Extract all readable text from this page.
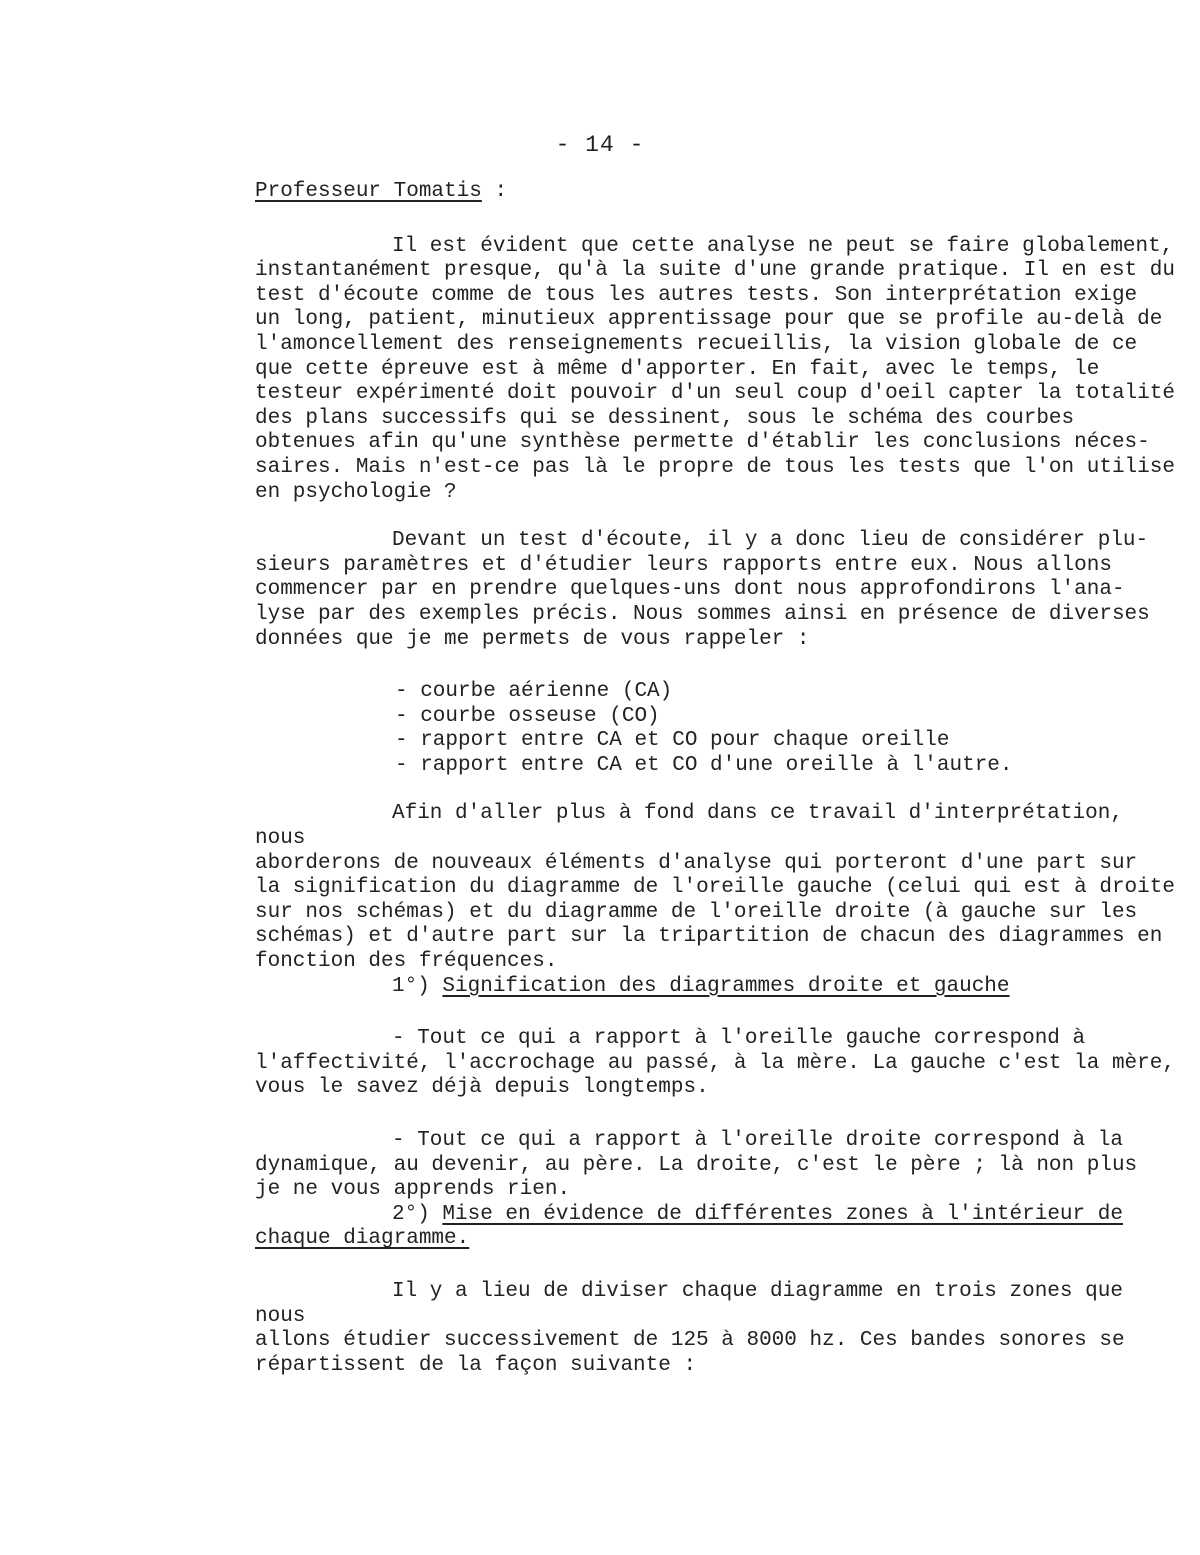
- 14 -

Professeur Tomatis :

Il est évident que cette analyse ne peut se faire globalement,
instantanément presque, qu'à la suite d'une grande pratique. Il en est du
test d'écoute comme de tous les autres tests. Son interprétation exige
un long, patient, minutieux apprentissage pour que se profile au-delà de
l'amoncellement des renseignements recueillis, la vision globale de ce
que cette épreuve est à même d'apporter. En fait, avec le temps, le
testeur expérimenté doit pouvoir d'un seul coup d'oeil capter la totalité
des plans successifs qui se dessinent, sous le schéma des courbes
obtenues afin qu'une synthèse permette d'établir les conclusions néces-
saires. Mais n'est-ce pas là le propre de tous les tests que l'on utilise
en psychologie ?

Devant un test d'écoute, il y a donc lieu de considérer plu-
sieurs paramètres et d'étudier leurs rapports entre eux. Nous allons
commencer par en prendre quelques-uns dont nous approfondirons l'ana-
lyse par des exemples précis. Nous sommes ainsi en présence de diverses
données que je me permets de vous rappeler :

- courbe aérienne (CA)
- courbe osseuse (CO)
- rapport entre CA et CO pour chaque oreille
- rapport entre CA et CO d'une oreille à l'autre.

Afin d'aller plus à fond dans ce travail d'interprétation, nous
aborderons de nouveaux éléments d'analyse qui porteront d'une part sur
la signification du diagramme de l'oreille gauche (celui qui est à droite
sur nos schémas) et du diagramme de l'oreille droite (à gauche sur les
schémas) et d'autre part sur la tripartition de chacun des diagrammes en
fonction des fréquences.

1°) Signification des diagrammes droite et gauche

- Tout ce qui a rapport à l'oreille gauche correspond à
l'affectivité, l'accrochage au passé, à la mère. La gauche c'est la mère,
vous le savez déjà depuis longtemps.

- Tout ce qui a rapport à l'oreille droite correspond à la
dynamique, au devenir, au père. La droite, c'est le père ; là non plus
je ne vous apprends rien.

2°) Mise en évidence de différentes zones à l'intérieur de
chaque diagramme.

Il y a lieu de diviser chaque diagramme en trois zones que nous
allons étudier successivement de 125 à 8000 hz. Ces bandes sonores se
répartissent de la façon suivante :
